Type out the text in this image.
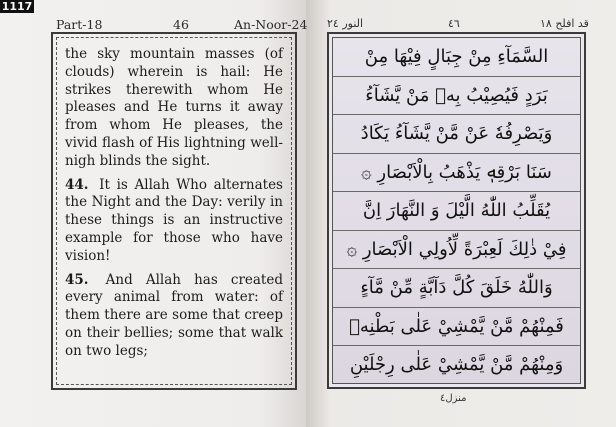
1117
Part-18	46	An-Noor-24

the sky mountain masses (of clouds) wherein is hail: He strikes therewith whom He pleases and He turns it away from whom He pleases, the vivid flash of His lightning well-nigh blinds the sight.

44. It is Allah Who alternates the Night and the Day: verily in these things is an instructive example for those who have vision!

45. And Allah has created every animal from water: of them there are some that creep on their bellies; some that walk on two legs;

النور ٢٤	٤٦	قد افلح ١٨
السَّمَآءِ مِنْ جِبَالٍ فِيْهَا مِنْ
بَرَدٍ فَيُصِيْبُ بِهٖ مَنْ يَّشَآءُ
وَيَصْرِفُهٗ عَنْ مَّنْ يَّشَآءُ يَكَادُ
سَنَا بَرْقِهٖ يَذْهَبُ بِالْاَبْصَارِ ۞
يُقَلِّبُ اللّٰهُ الَّيْلَ وَ النَّهَارَ اِنَّ
فِيْ ذٰلِكَ لَعِبْرَةً لِّاُولِي الْاَبْصَارِ ۞
وَاللّٰهُ خَلَقَ كُلَّ دَآبَّةٍ مِّنْ مَّآءٍ
فَمِنْهُمْ مَّنْ يَّمْشِيْ عَلٰى بَطْنِهٖ
وَمِنْهُمْ مَّنْ يَّمْشِيْ عَلٰى رِجْلَيْنِ
منزل٤
